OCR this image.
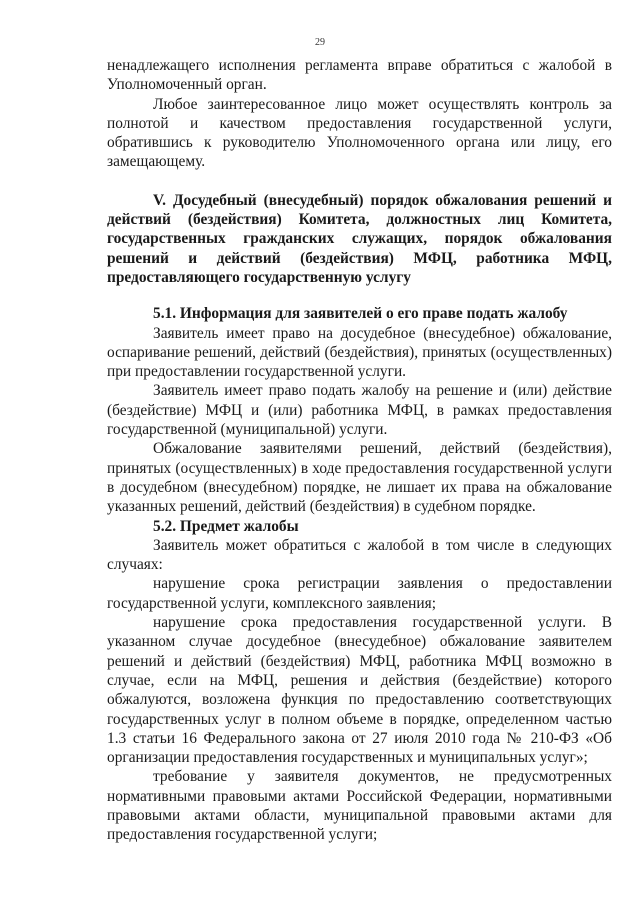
29

ненадлежащего исполнения регламента вправе обратиться с жалобой в Уполномоченный орган.

Любое заинтересованное лицо может осуществлять контроль за полнотой и качеством предоставления государственной услуги, обратившись к руководителю Уполномоченного органа или лицу, его замещающему.

V. Досудебный (внесудебный) порядок обжалования решений и действий (бездействия) Комитета, должностных лиц Комитета, государственных гражданских служащих, порядок обжалования решений и действий (бездействия) МФЦ, работника МФЦ, предоставляющего государственную услугу

5.1. Информация для заявителей о его праве подать жалобу

Заявитель имеет право на досудебное (внесудебное) обжалование, оспаривание решений, действий (бездействия), принятых (осуществленных) при предоставлении государственной услуги.

Заявитель имеет право подать жалобу на решение и (или) действие (бездействие) МФЦ и (или) работника МФЦ, в рамках предоставления государственной (муниципальной) услуги.

Обжалование заявителями решений, действий (бездействия), принятых (осуществленных) в ходе предоставления государственной услуги в досудебном (внесудебном) порядке, не лишает их права на обжалование указанных решений, действий (бездействия) в судебном порядке.

5.2. Предмет жалобы

Заявитель может обратиться с жалобой в том числе в следующих случаях:

нарушение срока регистрации заявления о предоставлении государственной услуги, комплексного заявления;

нарушение срока предоставления государственной услуги. В указанном случае досудебное (внесудебное) обжалование заявителем решений и действий (бездействия) МФЦ, работника МФЦ возможно в случае, если на МФЦ, решения и действия (бездействие) которого обжалуются, возложена функция по предоставлению соответствующих государственных услуг в полном объеме в порядке, определенном частью 1.3 статьи 16 Федерального закона от 27 июля 2010 года № 210-ФЗ «Об организации предоставления государственных и муниципальных услуг»;

требование у заявителя документов, не предусмотренных нормативными правовыми актами Российской Федерации, нормативными правовыми актами области, муниципальной правовыми актами для предоставления государственной услуги;
